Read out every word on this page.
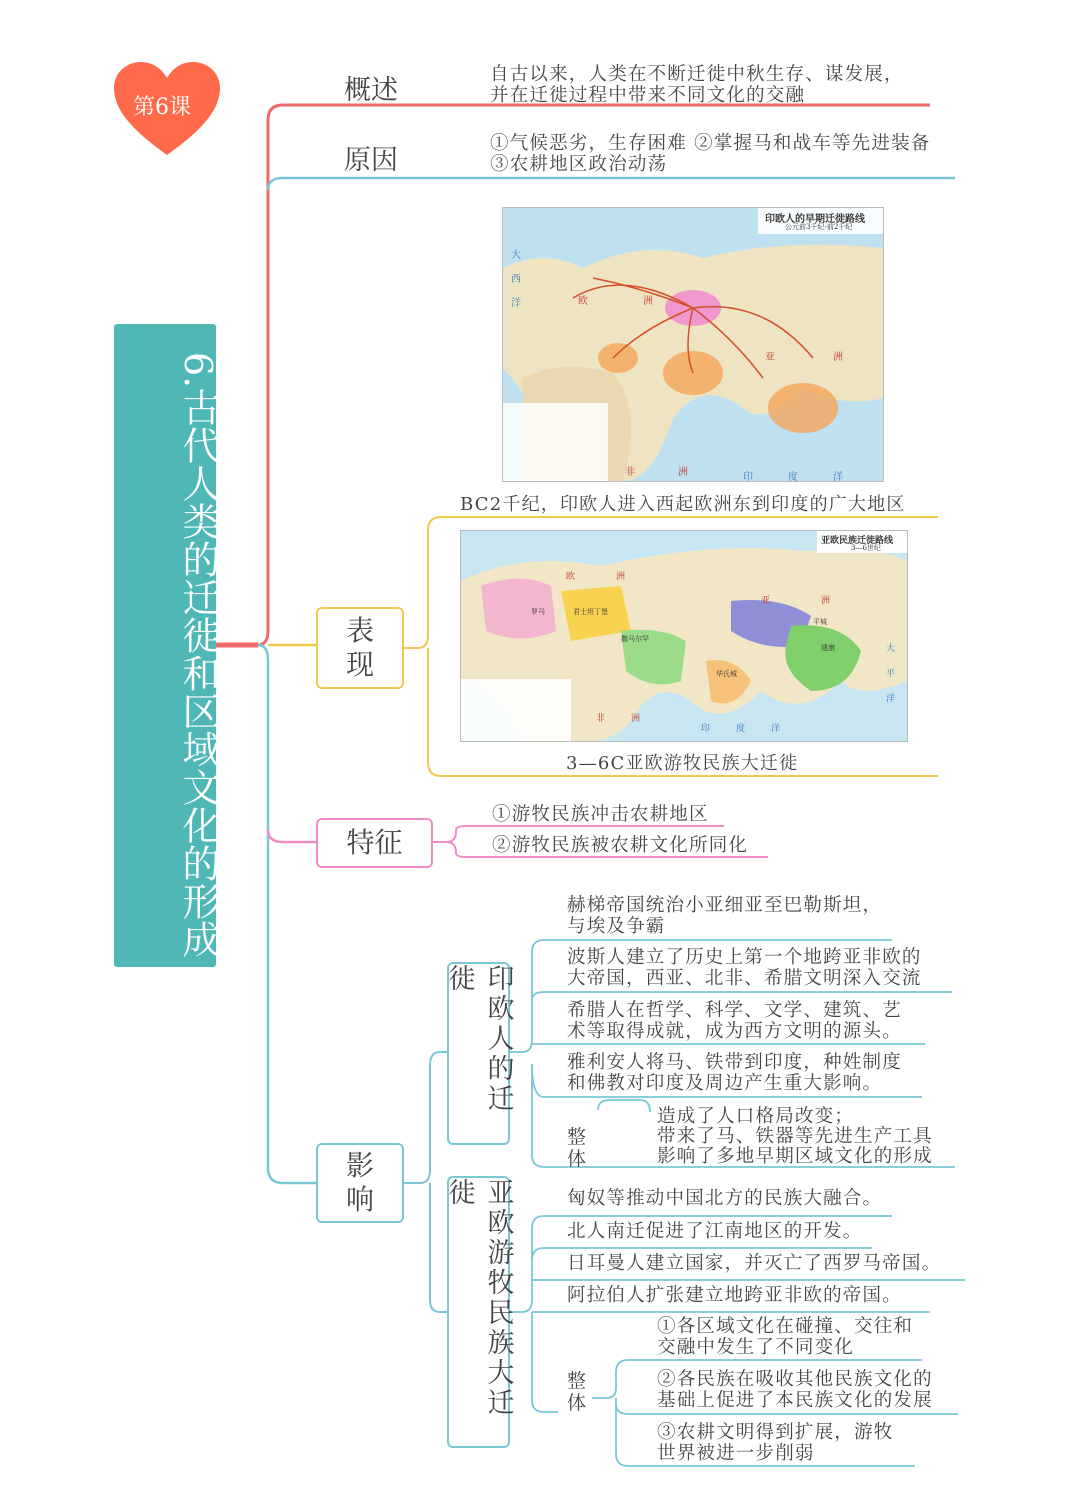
第6课
6.古代人类的迁徙和区域文化的形成
概述
自古以来，人类在不断迁徙中秋生存、谋发展，
并在迁徙过程中带来不同文化的交融
原因
①气候恶劣，生存困难 ②掌握马和战车等先进装备
③农耕地区政治动荡
印欧人的早期迁徙路线
公元前3千纪-前2千纪
欧	洲
亚	洲
非	洲	印	度	洋
大
西
洋
BC2千纪，印欧人进入西起欧洲东到印度的广大地区
表
现
亚欧民族迁徙路线
3—6世纪
欧	洲
亚	洲
非	洲
印	度	洋
大
平
洋
罗马	君士坦丁堡
平城
建康
华氏城
撒马尔罕
3—6C亚欧游牧民族大迁徙
特征
①游牧民族冲击农耕地区
②游牧民族被农耕文化所同化
影
响
印欧人的迁徙
赫梯帝国统治小亚细亚至巴勒斯坦，
与埃及争霸
波斯人建立了历史上第一个地跨亚非欧的
大帝国，西亚、北非、希腊文明深入交流
希腊人在哲学、科学、文学、建筑、艺
术等取得成就，成为西方文明的源头。
雅利安人将马、铁带到印度，种姓制度
和佛教对印度及周边产生重大影响。
整体
造成了人口格局改变；
带来了马、铁器等先进生产工具
影响了多地早期区域文化的形成
亚欧游牧民族大迁徙	匈奴等推动中国北方的民族大融合。
北人南迁促进了江南地区的开发。
日耳曼人建立国家，并灭亡了西罗马帝国。
阿拉伯人扩张建立地跨亚非欧的帝国。
整体
①各区域文化在碰撞、交往和
交融中发生了不同变化
②各民族在吸收其他民族文化的
基础上促进了本民族文化的发展
③农耕文明得到扩展，游牧
世界被进一步削弱
